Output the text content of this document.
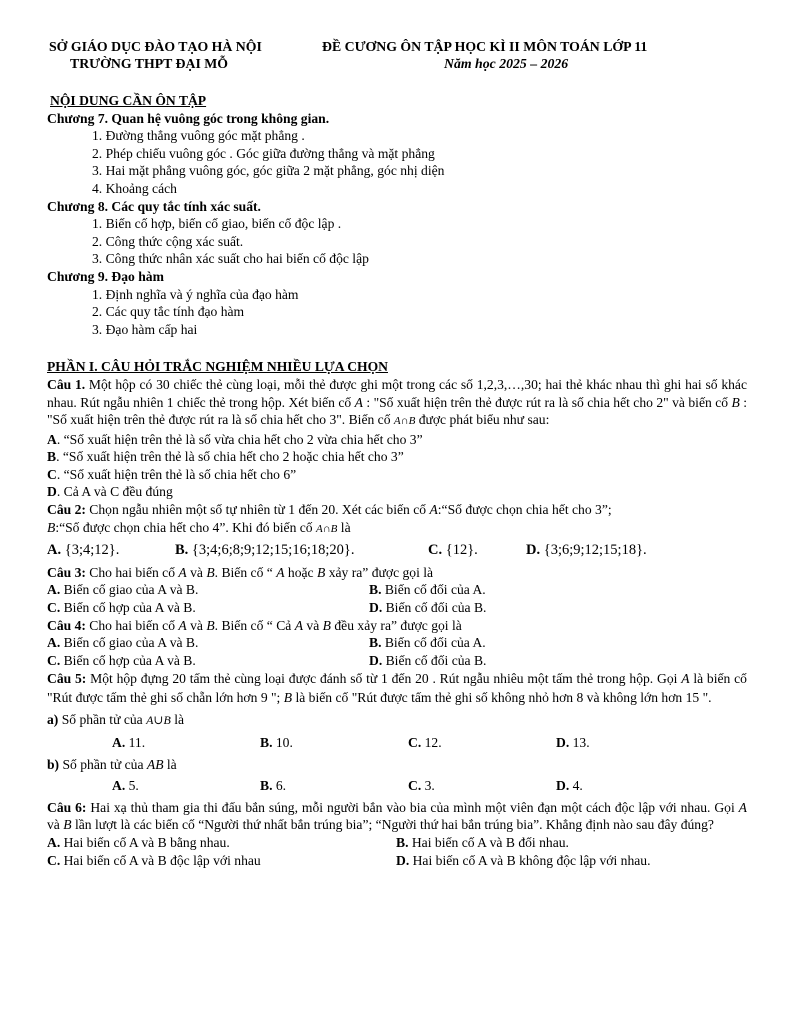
SỞ GIÁO DỤC ĐÀO TẠO HÀ NỘI
TRƯỜNG THPT ĐẠI MỖ
ĐỀ CƯƠNG ÔN TẬP HỌC KÌ II MÔN TOÁN LỚP 11
Năm học 2025 – 2026

NỘI DUNG CẦN ÔN TẬP

Chương 7. Quan hệ vuông góc trong không gian.

1. Đường thẳng vuông góc mặt phẳng .

2. Phép chiếu vuông góc . Góc giữa đường thẳng và mặt phẳng

3. Hai mặt phẳng vuông góc, góc giữa 2 mặt phẳng, góc nhị diện

4. Khoảng cách

Chương 8. Các quy tắc tính xác suất.

1. Biến cố hợp, biến cố giao, biến cố độc lập .

2. Công thức cộng xác suất.

3. Công thức nhân xác suất cho hai biến cố độc lập

Chương 9. Đạo hàm

1. Định nghĩa và ý nghĩa của đạo hàm

2. Các quy tắc tính đạo hàm

3. Đạo hàm cấp hai

PHẦN I. CÂU HỎI TRẮC NGHIỆM NHIỀU LỰA CHỌN

Câu 1. Một hộp có 30 chiếc thẻ cùng loại, mỗi thẻ được ghi một trong các số 1,2,3,…,30; hai thẻ khác nhau thì ghi hai số khác nhau. Rút ngẫu nhiên 1 chiếc thẻ trong hộp. Xét biến cố A : "Số xuất hiện trên thẻ được rút ra là số chia hết cho 2" và biến cố B : "Số xuất hiện trên thẻ được rút ra là số chia hết cho 3". Biến cố A∩B được phát biểu như sau:

A. “Số xuất hiện trên thẻ là số vừa chia hết cho 2 vừa chia hết cho 3”

B. “Số xuất hiện trên thẻ là số chia hết cho 2 hoặc chia hết cho 3”

C. “Số xuất hiện trên thẻ là số chia hết cho 6”

D. Cả A và C đều đúng

Câu 2: Chọn ngẫu nhiên một số tự nhiên từ 1 đến 20. Xét các biến cố A:“Số được chọn chia hết cho 3”;
B:“Số được chọn chia hết cho 4”. Khi đó biến cố A∩B là

A. {3;4;12}.	B. {3;4;6;8;9;12;15;16;18;20}.	C. {12}.	D. {3;6;9;12;15;18}.

Câu 3: Cho hai biến cố A và B. Biến cố “ A hoặc B xảy ra” được gọi là

A. Biến cố giao của A và B.	B. Biến cố đối của A.
C. Biến cố hợp của A và B.	D. Biến cố đối của B.

Câu 4: Cho hai biến cố A và B. Biến cố “ Cả A và B đều xảy ra” được gọi là

A. Biến cố giao của A và B.	B. Biến cố đối của A.
C. Biến cố hợp của A và B.	D. Biến cố đối của B.

Câu 5: Một hộp đựng 20 tấm thẻ cùng loại được đánh số từ 1 đến 20 . Rút ngẫu nhiêu một tấm thẻ trong hộp. Gọi A là biến cố "Rút được tấm thẻ ghi số chẵn lớn hơn 9 "; B là biến cố "Rút được tấm thẻ ghi số không nhỏ hơn 8 và không lớn hơn 15 ".

a) Số phần tử của A∪B là

A. 11.	B. 10.	C. 12.	D. 13.

b) Số phần tử của AB là

A. 5.	B. 6.	C. 3.	D. 4.

Câu 6: Hai xạ thủ tham gia thi đấu bắn súng, mỗi người bắn vào bia của mình một viên đạn một cách độc lập với nhau. Gọi A và B lần lượt là các biến cố “Người thứ nhất bắn trúng bia”; “Người thứ hai bắn trúng bia”. Khẳng định nào sau đây đúng?

A. Hai biến cố A và B bằng nhau.	B. Hai biến cố A và B đối nhau.
C. Hai biến cố A và B độc lập với nhau	D. Hai biến cố A và B không độc lập với nhau.
